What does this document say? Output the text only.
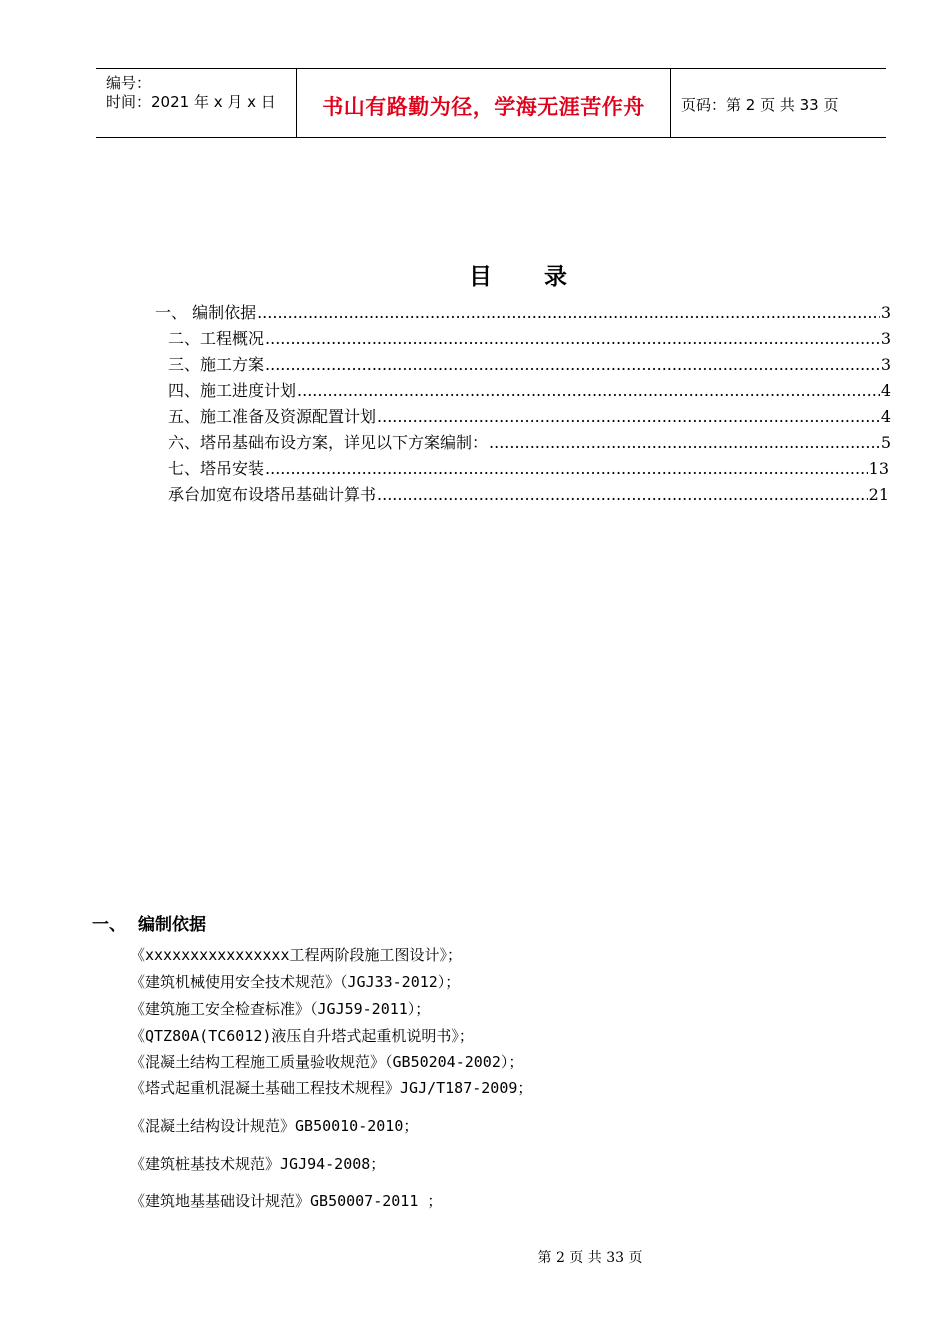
编号：
时间：2021 年 x 月 x 日	书山有路勤为径，学海无涯苦作舟	页码：第 2 页 共 33 页
目 录
一、 编制依据 .....	3
二、工程概况 .....	3
三、施工方案 .....	3
四、施工进度计划 .....	4
五、施工准备及资源配置计划 .....	4
六、塔吊基础布设方案，详见以下方案编制： .....	5
七、塔吊安装 .....	13
承台加宽布设塔吊基础计算书 .....	21
一、 编制依据
《xxxxxxxxxxxxxxxx工程两阶段施工图设计》；
《建筑机械使用安全技术规范》（JGJ33-2012）；
《建筑施工安全检查标准》（JGJ59-2011）；
《QTZ80A(TC6012)液压自升塔式起重机说明书》；
《混凝土结构工程施工质量验收规范》（GB50204-2002）；
《塔式起重机混凝土基础工程技术规程》JGJ/T187-2009；
《混凝土结构设计规范》GB50010-2010；
《建筑桩基技术规范》JGJ94-2008；
《建筑地基基础设计规范》GB50007-2011 ；
第 2 页 共 33 页
